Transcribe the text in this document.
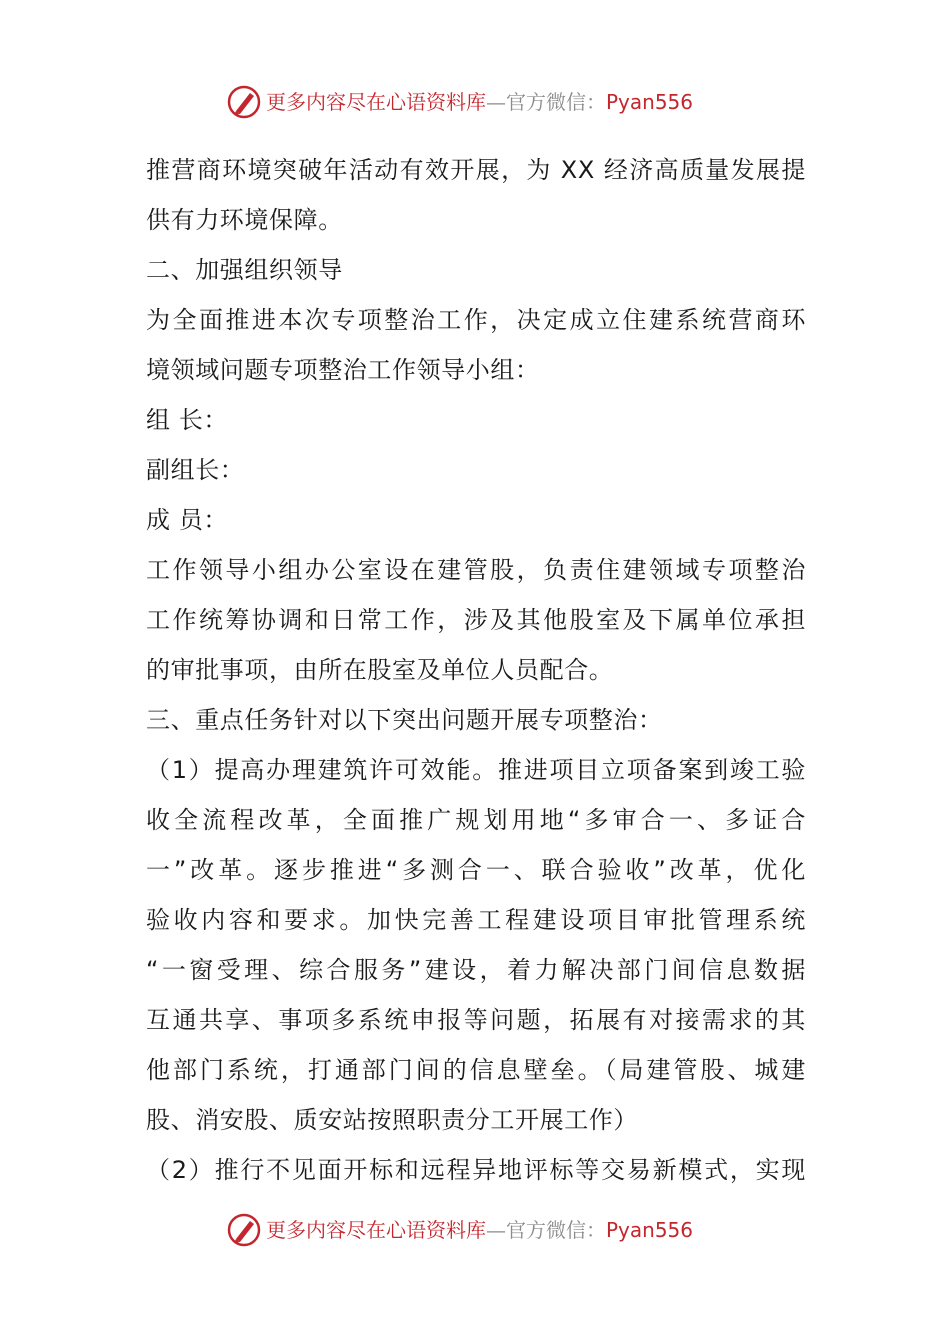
更多内容尽在心语资料库—官方微信：Pyan556
推营商环境突破年活动有效开展，为 XX 经济高质量发展提
供有力环境保障。
二、加强组织领导
为全面推进本次专项整治工作，决定成立住建系统营商环
境领域问题专项整治工作领导小组：
组 长：
副组长：
成 员：
工作领导小组办公室设在建管股，负责住建领域专项整治
工作统筹协调和日常工作，涉及其他股室及下属单位承担
的审批事项，由所在股室及单位人员配合。
三、重点任务针对以下突出问题开展专项整治：
（1）提高办理建筑许可效能。推进项目立项备案到竣工验
收全流程改革，全面推广规划用地“多审合一、多证合
一”改革。逐步推进“多测合一、联合验收”改革，优化
验收内容和要求。加快完善工程建设项目审批管理系统
“一窗受理、综合服务”建设，着力解决部门间信息数据
互通共享、事项多系统申报等问题，拓展有对接需求的其
他部门系统，打通部门间的信息壁垒。（局建管股、城建
股、消安股、质安站按照职责分工开展工作）
（2）推行不见面开标和远程异地评标等交易新模式，实现
更多内容尽在心语资料库—官方微信：Pyan556
